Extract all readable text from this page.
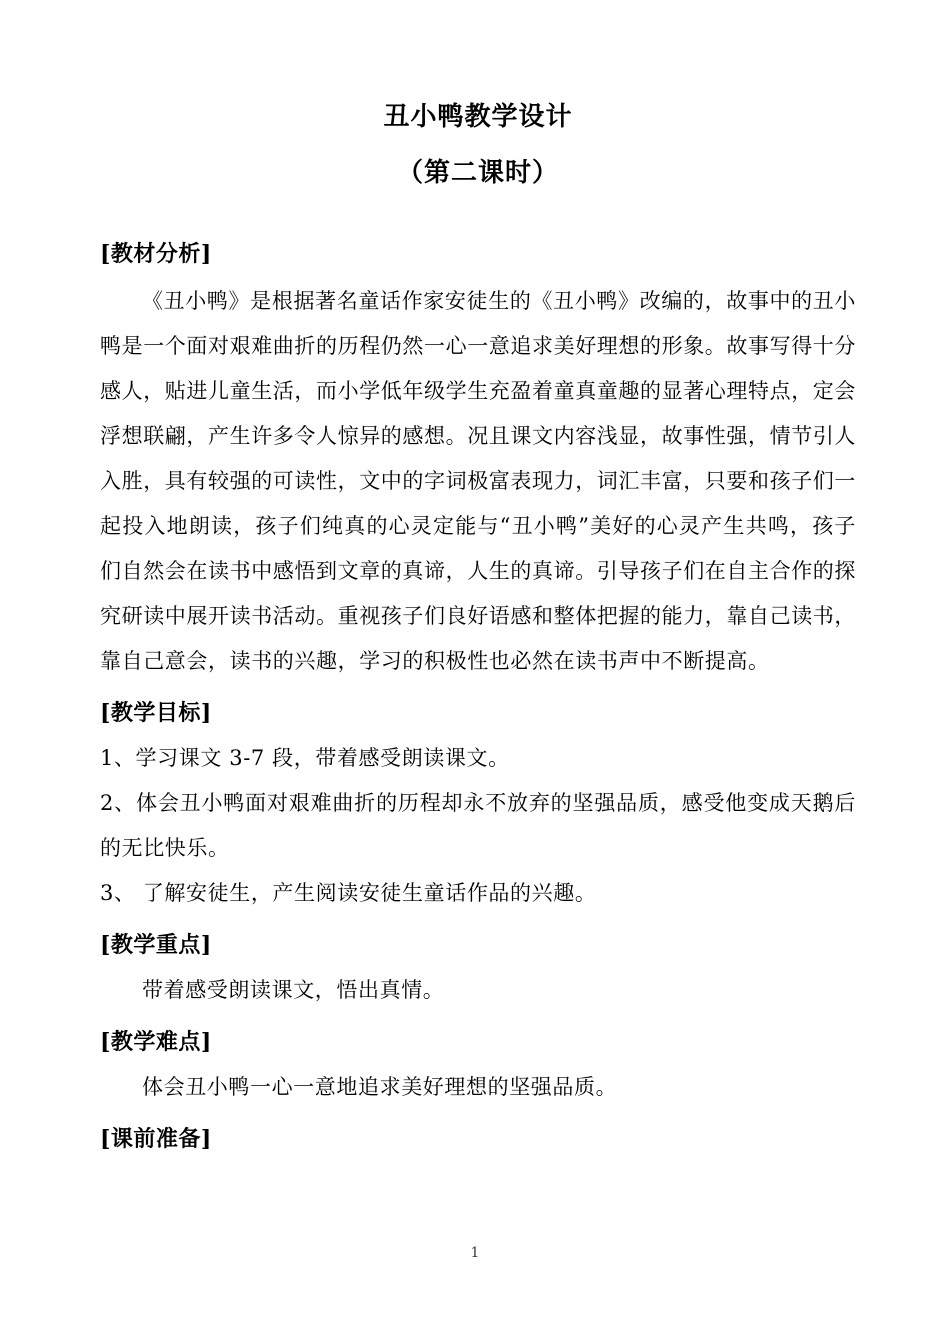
丑小鸭教学设计
（第二课时）
[教材分析]

《丑小鸭》是根据著名童话作家安徒生的《丑小鸭》改编的，故事中的丑小鸭是一个面对艰难曲折的历程仍然一心一意追求美好理想的形象。故事写得十分感人，贴进儿童生活，而小学低年级学生充盈着童真童趣的显著心理特点，定会浮想联翩，产生许多令人惊异的感想。况且课文内容浅显，故事性强，情节引人入胜，具有较强的可读性，文中的字词极富表现力，词汇丰富，只要和孩子们一起投入地朗读，孩子们纯真的心灵定能与“丑小鸭”美好的心灵产生共鸣，孩子们自然会在读书中感悟到文章的真谛，人生的真谛。引导孩子们在自主合作的探究研读中展开读书活动。重视孩子们良好语感和整体把握的能力，靠自己读书，靠自己意会，读书的兴趣，学习的积极性也必然在读书声中不断提高。

[教学目标]

1、学习课文 3-7 段，带着感受朗读课文。

2、体会丑小鸭面对艰难曲折的历程却永不放弃的坚强品质，感受他变成天鹅后的无比快乐。

3、 了解安徒生，产生阅读安徒生童话作品的兴趣。

[教学重点]

带着感受朗读课文，悟出真情。

[教学难点]

体会丑小鸭一心一意地追求美好理想的坚强品质。

[课前准备]
1
